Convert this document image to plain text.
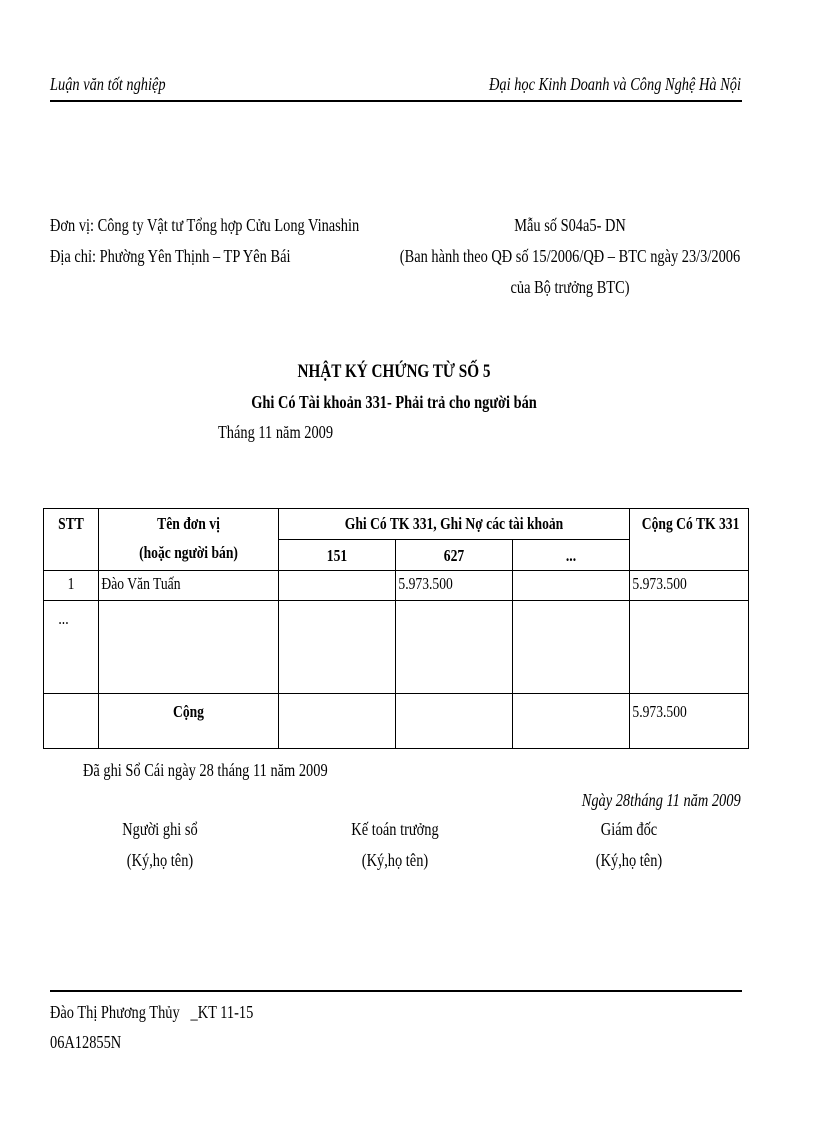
Luận văn tốt nghiệp	Đại học Kinh Doanh và Công Nghệ Hà Nội
Đơn vị: Công ty Vật tư Tổng hợp Cửu Long Vinashin
Địa chỉ: Phường Yên Thịnh – TP Yên Bái
Mẫu số S04a5- DN
(Ban hành theo QĐ số 15/2006/QĐ – BTC ngày 23/3/2006
của Bộ trưởng BTC)
NHẬT KÝ CHỨNG TỪ SỐ 5
Ghi Có Tài khoản 331- Phải trả cho người bán
Tháng 11 năm 2009
STT	Tên đơn vị	Ghi Có TK 331, Ghi Nợ các tài khoản			Cộng Có TK 331

	(hoặc người bán)	151	627	...	

1	Đào Văn Tuấn		5.973.500		5.973.500

...					

	Cộng				5.973.500
Đã ghi Sổ Cái ngày 28 tháng 11 năm 2009
Ngày 28tháng 11 năm 2009
Người ghi sổ
(Ký,họ tên)
Kế toán trưởng
(Ký,họ tên)
Giám đốc
(Ký,họ tên)
Đào Thị Phương Thủy   _KT 11-15
06A12855N
